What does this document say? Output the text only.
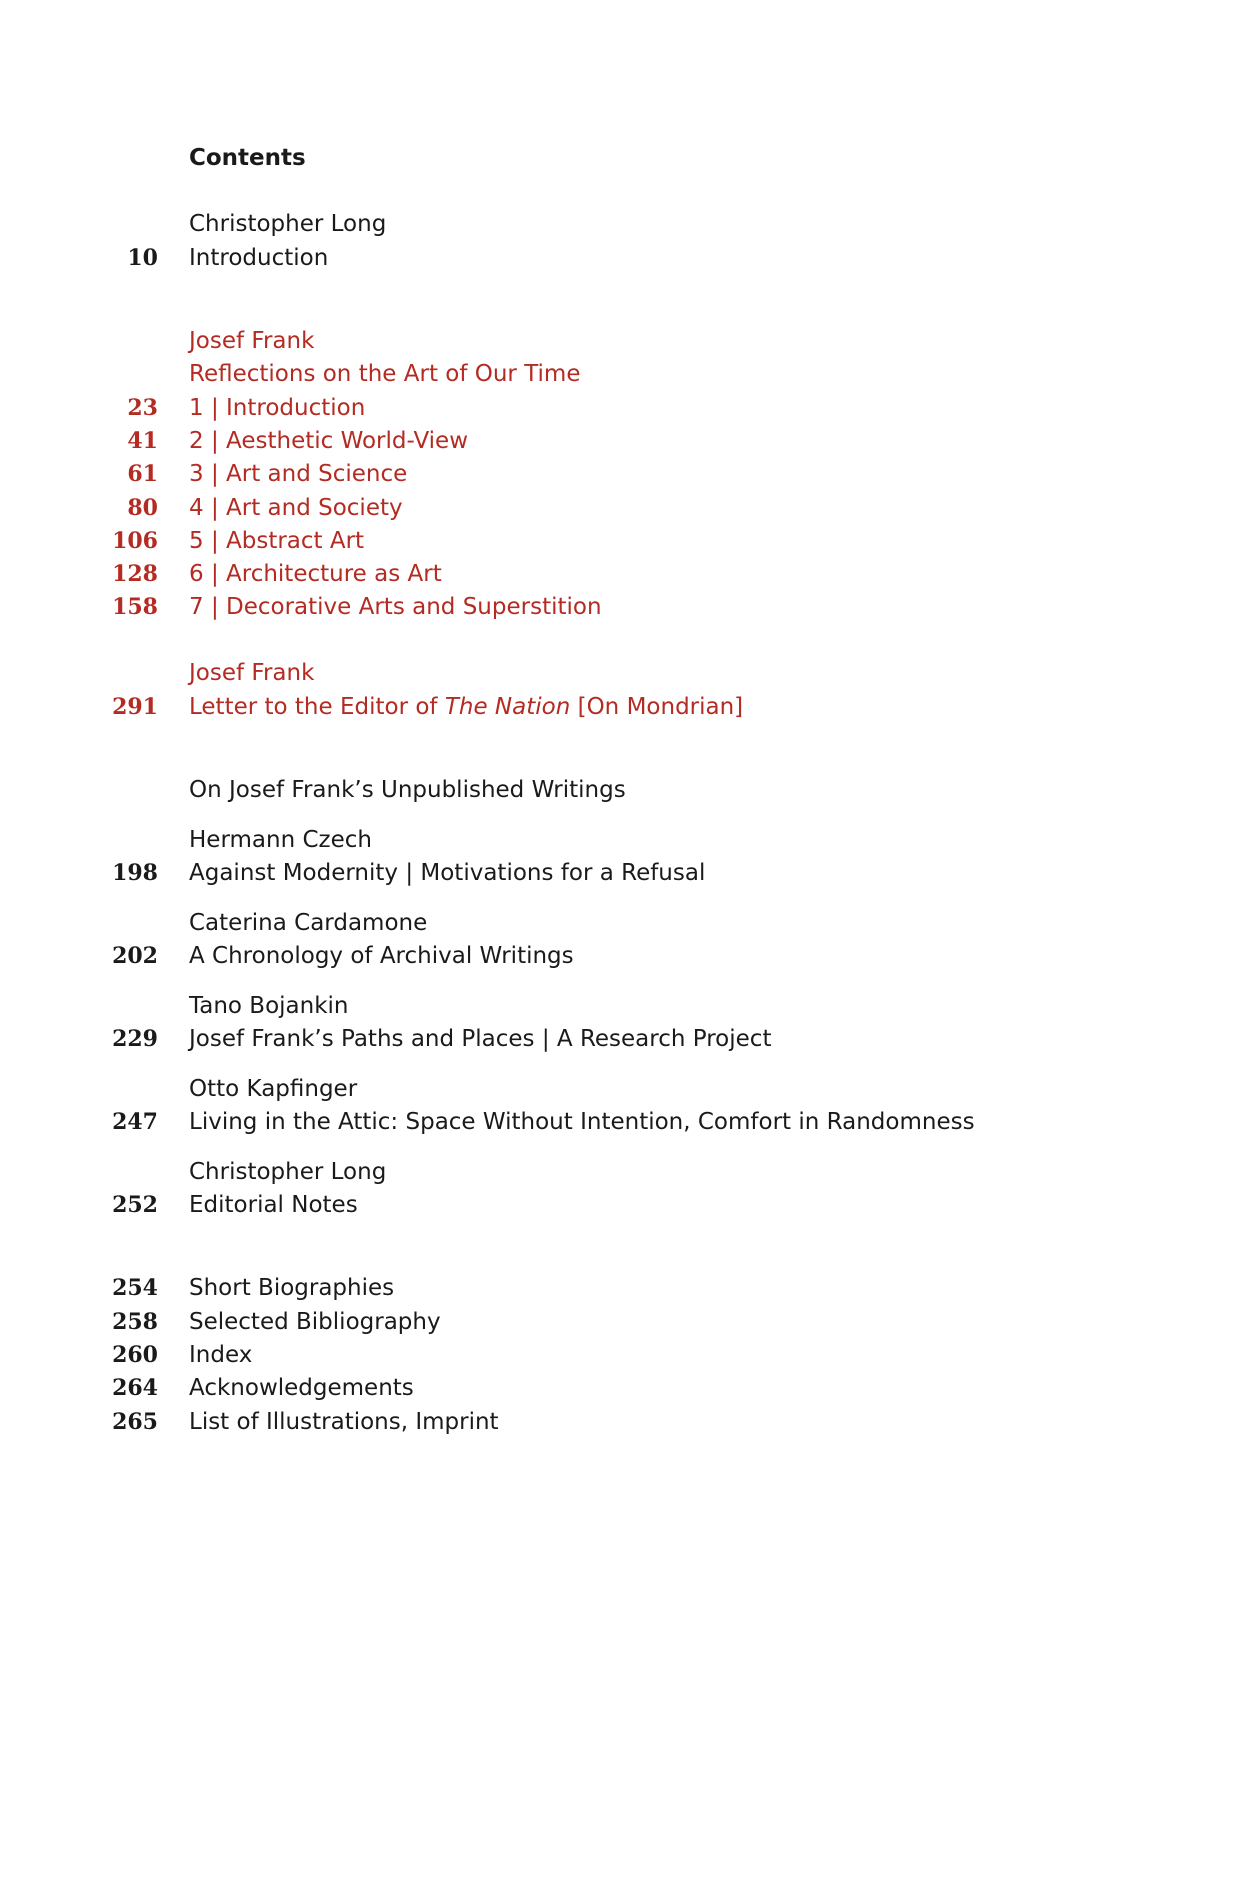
Contents
Christopher Long
10 Introduction
Josef Frank
Reflections on the Art of Our Time
23 1 | Introduction
41 2 | Aesthetic World-View
61 3 | Art and Science
80 4 | Art and Society
106 5 | Abstract Art
128 6 | Architecture as Art
158 7 | Decorative Arts and Superstition
Josef Frank
291 Letter to the Editor of The Nation [On Mondrian]
On Josef Frank’s Unpublished Writings
Hermann Czech
198 Against Modernity | Motivations for a Refusal
Caterina Cardamone
202 A Chronology of Archival Writings
Tano Bojankin
229 Josef Frank’s Paths and Places | A Research Project
Otto Kapfinger
247 Living in the Attic: Space Without Intention, Comfort in Randomness
Christopher Long
252 Editorial Notes
254 Short Biographies
258 Selected Bibliography
260 Index
264 Acknowledgements
265 List of Illustrations, Imprint
